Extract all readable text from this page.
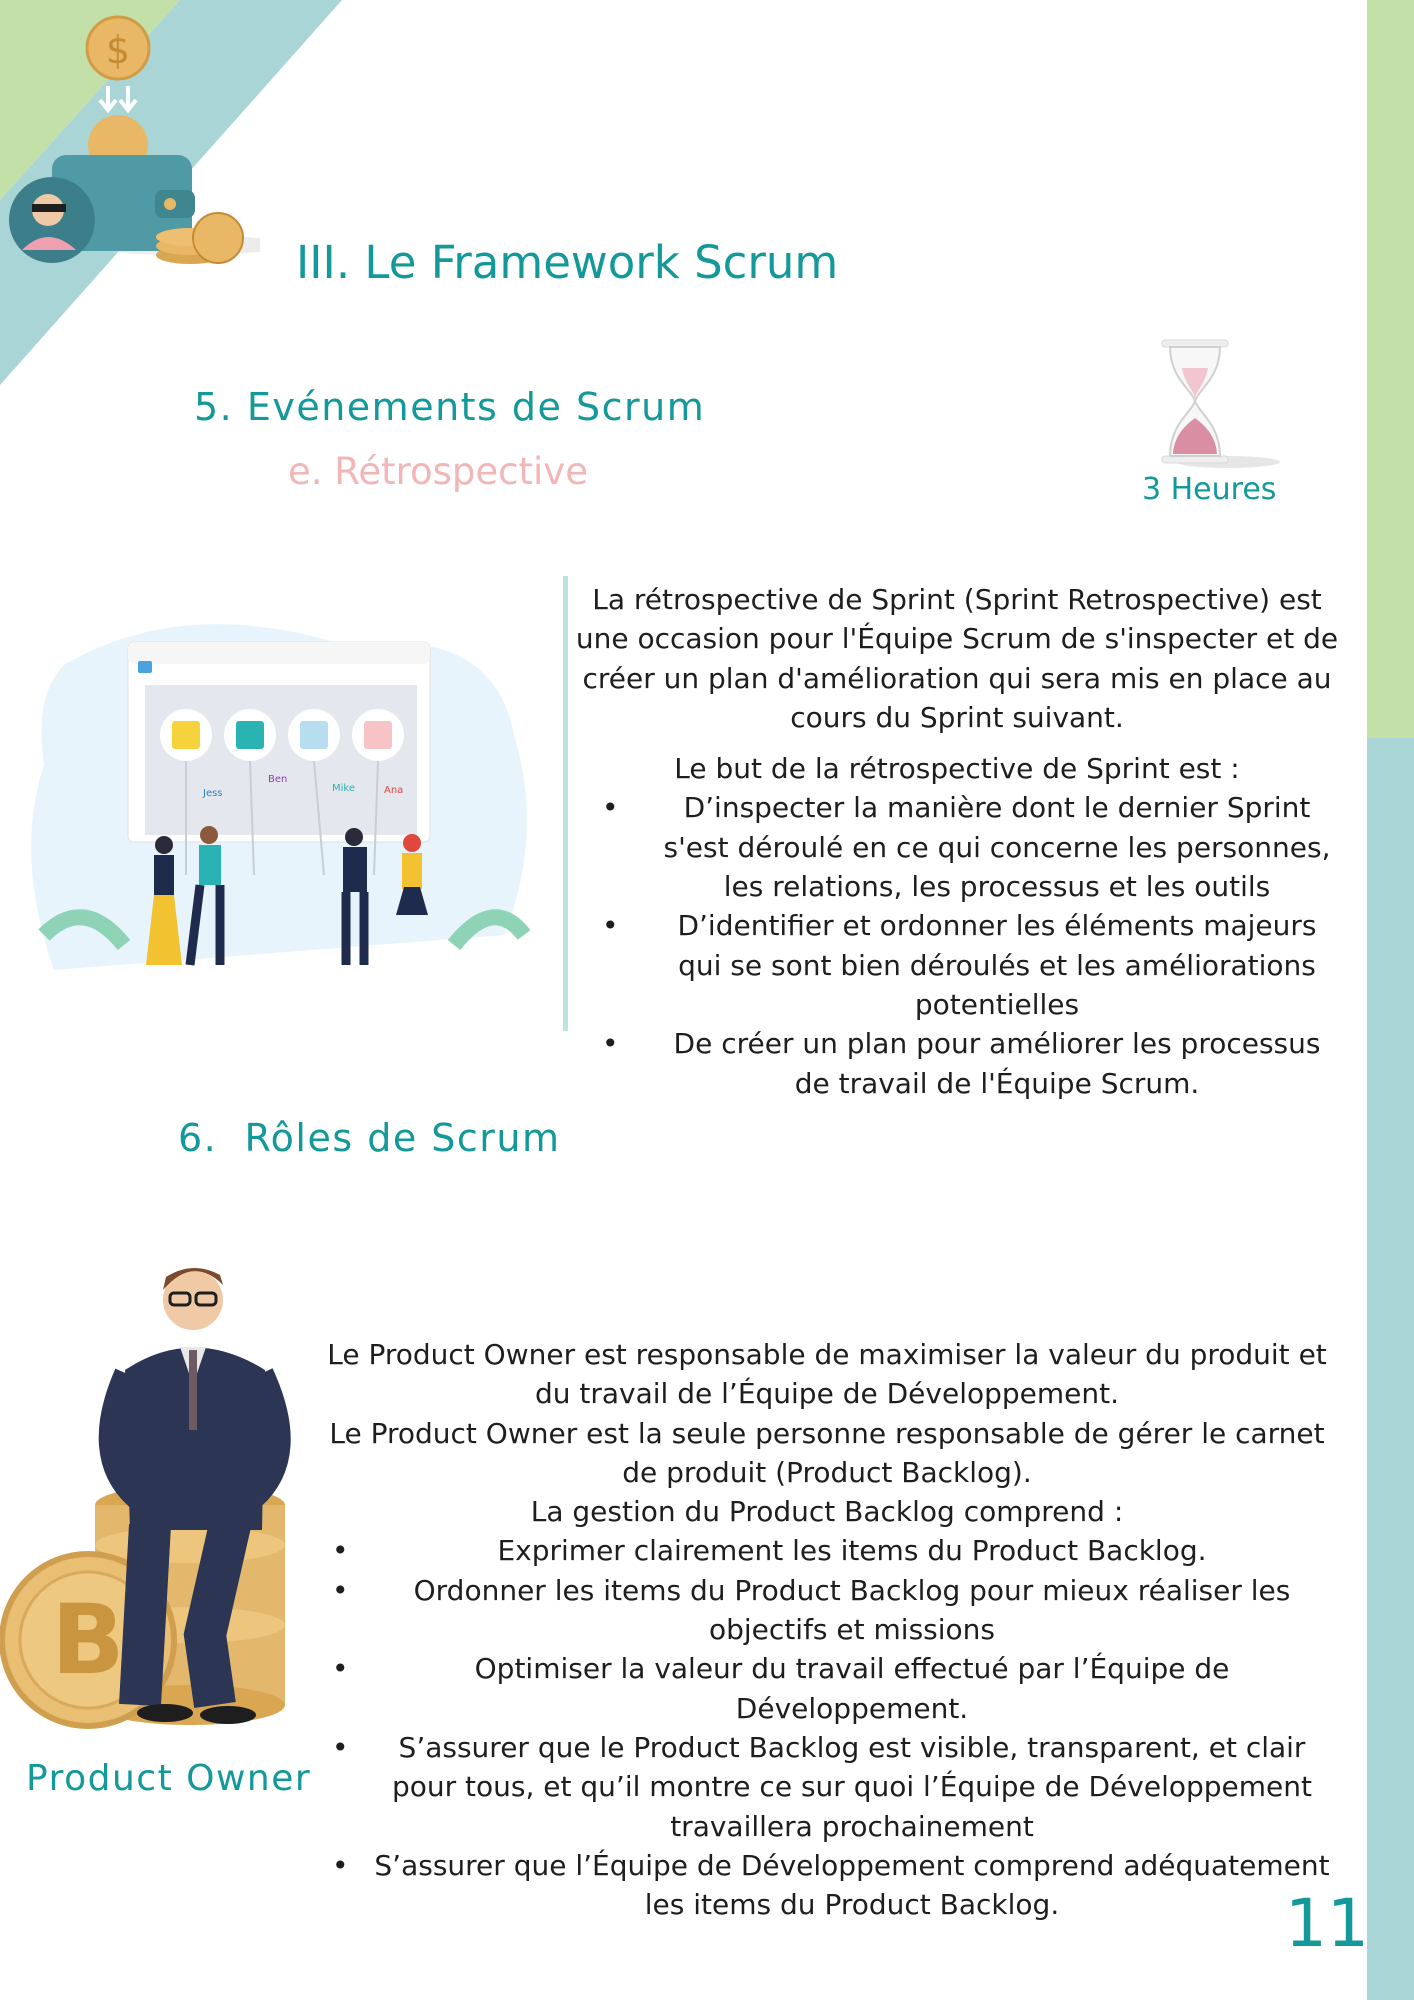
$
III. Le Framework Scrum
5. Evénements de Scrum
e. Rétrospective	3 Heures
Jess
Ben
Mike	Ana

La rétrospective de Sprint (Sprint Retrospective) est une occasion pour l'Équipe Scrum de s'inspecter et de créer un plan d'amélioration qui sera mis en place au cours du Sprint suivant.

Le but de la rétrospective de Sprint est :

• D’inspecter la manière dont le dernier Sprint s'est déroulé en ce qui concerne les personnes, les relations, les processus et les outils
• D’identifier et ordonner les éléments majeurs qui se sont bien déroulés et les améliorations potentielles
• De créer un plan pour améliorer les processus de travail de l'Équipe Scrum.
6. Rôles de Scrum
B
Product Owner

Le Product Owner est responsable de maximiser la valeur du produit et du travail de l’Équipe de Développement.

Le Product Owner est la seule personne responsable de gérer le carnet de produit (Product Backlog).

La gestion du Product Backlog comprend :

•	Exprimer clairement les items du Product Backlog.
• Ordonner les items du Product Backlog pour mieux réaliser les objectifs et missions
•	Optimiser la valeur du travail effectué par l’Équipe de Développement.
• S’assurer que le Product Backlog est visible, transparent, et clair pour tous, et qu’il montre ce sur quoi l’Équipe de Développement travaillera prochainement
• S’assurer que l’Équipe de Développement comprend adéquatement les items du Product Backlog.	11
